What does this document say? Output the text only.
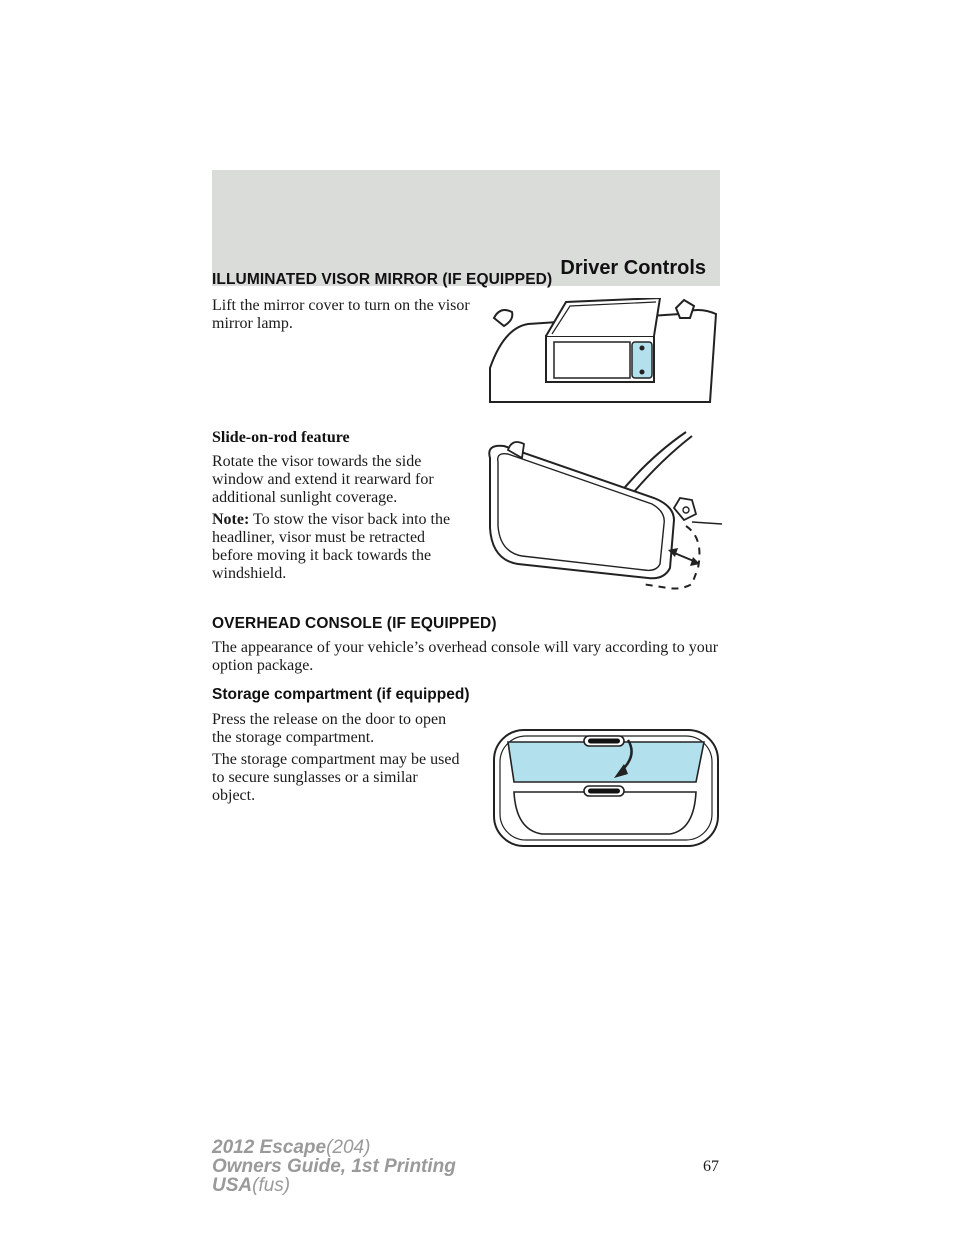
Driver Controls
ILLUMINATED VISOR MIRROR (IF EQUIPPED)

Lift the mirror cover to turn on the visor mirror lamp.

Slide-on-rod feature

Rotate the visor towards the side window and extend it rearward for additional sunlight coverage.

Note: To stow the visor back into the headliner, visor must be retracted before moving it back towards the windshield.

OVERHEAD CONSOLE (IF EQUIPPED)

The appearance of your vehicle’s overhead console will vary according to your option package.

Storage compartment (if equipped)

Press the release on the door to open the storage compartment.

The storage compartment may be used to secure sunglasses or a similar object.

67
2012 Escape(204)
Owners Guide, 1st Printing
USA(fus)
